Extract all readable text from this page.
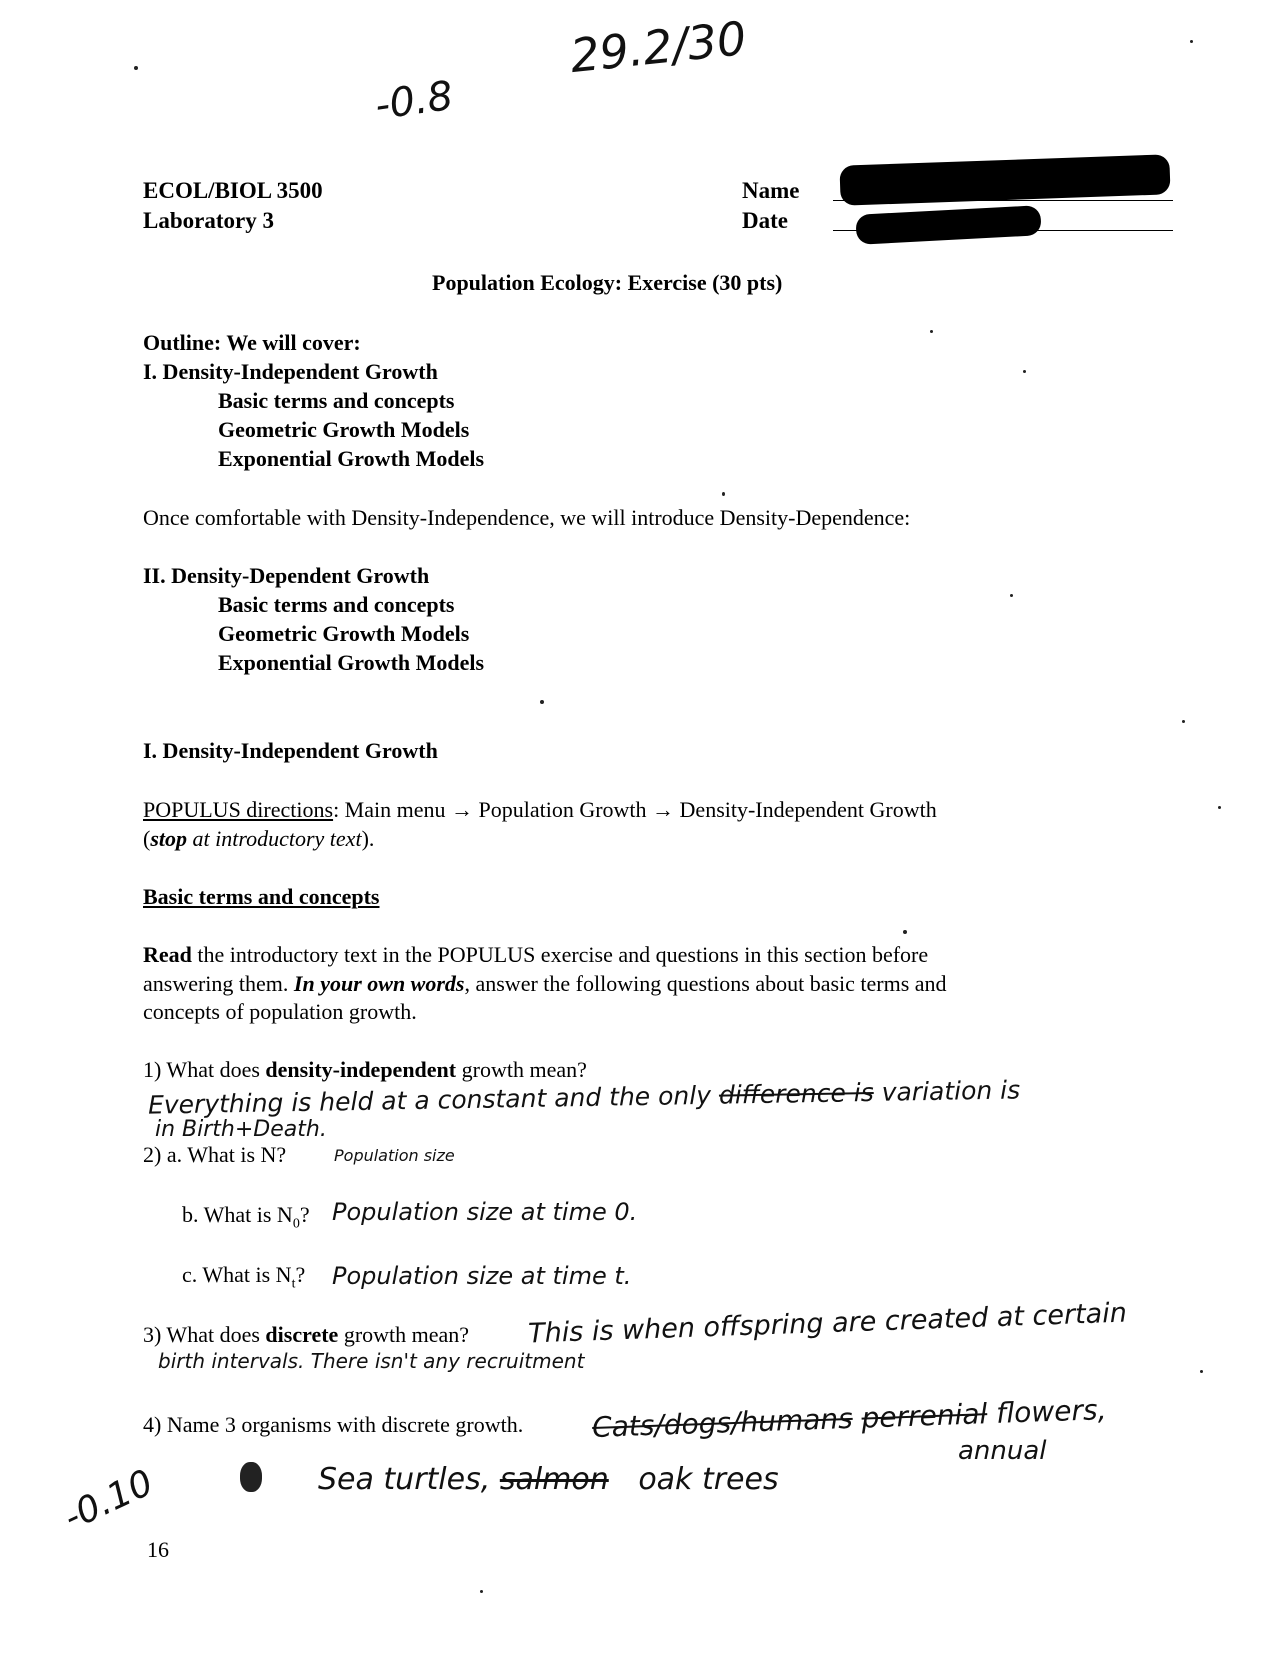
29.2/30
-0.8
ECOL/BIOL 3500
Laboratory 3
Name
Date
Population Ecology: Exercise (30 pts)
Outline: We will cover:
I. Density-Independent Growth
Basic terms and concepts
Geometric Growth Models
Exponential Growth Models
Once comfortable with Density-Independence, we will introduce Density-Dependence:
II. Density-Dependent Growth
Basic terms and concepts
Geometric Growth Models
Exponential Growth Models
I. Density-Independent Growth
POPULUS directions: Main menu → Population Growth → Density-Independent Growth
(stop at introductory text).
Basic terms and concepts
Read the introductory text in the POPULUS exercise and questions in this section before
answering them. In your own words, answer the following questions about basic terms and
concepts of population growth.
1) What does density-independent growth mean?
Everything is held at a constant and the only difference is variation is
in Birth+Death.
2) a. What is N?	Population size
b. What is $N_0$? Population size at time 0.
c. What is $N_t$? Population size at time t.
3) What does discrete growth mean? This is when offspring are created at certain
birth intervals. There isn't any recruitment
4) Name 3 organisms with discrete growth. Cats/dogs/humans perrenial flowers,
annual
Sea turtles, salmon oak trees
-0.10
16
